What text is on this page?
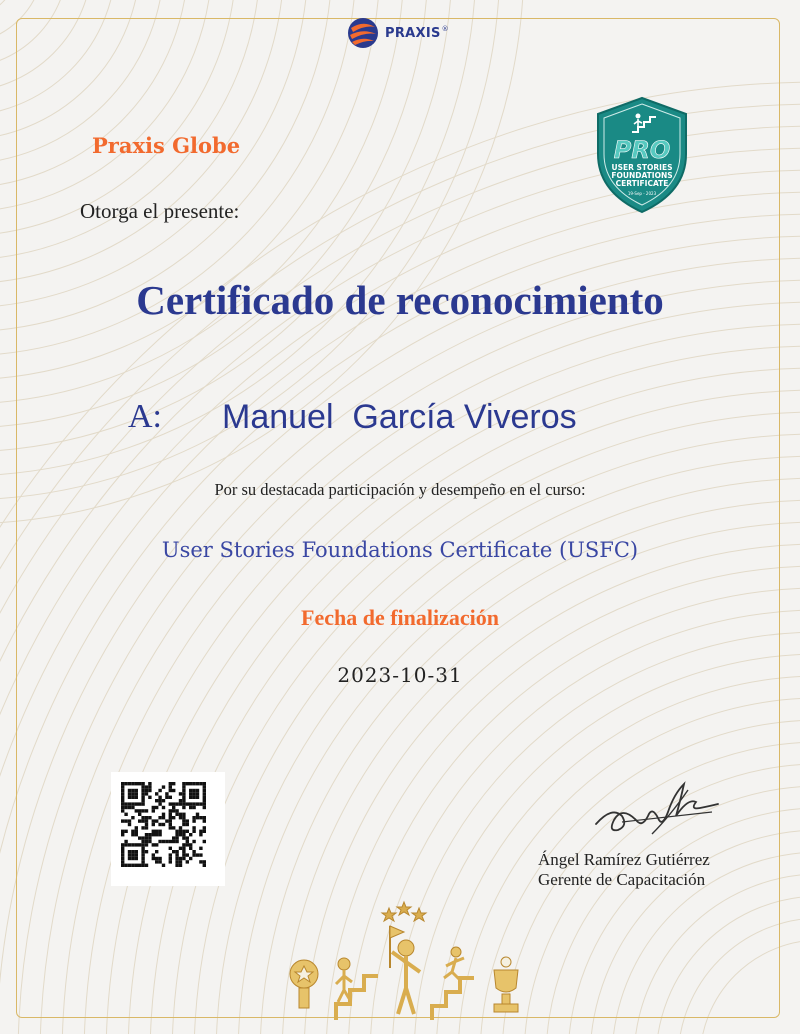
PRAXIS ®
PRO
USER STORIES
FOUNDATIONS
CERTIFICATE
19-Sep - 2023
Praxis Globe
Otorga el presente:
Certificado de reconocimiento
A: Manuel  García Viveros
Por su destacada participación y desempeño en el curso:
User Stories Foundations Certificate (USFC)
Fecha de finalización
2023-10-31
Ángel Ramírez Gutiérrez
Gerente de Capacitación
